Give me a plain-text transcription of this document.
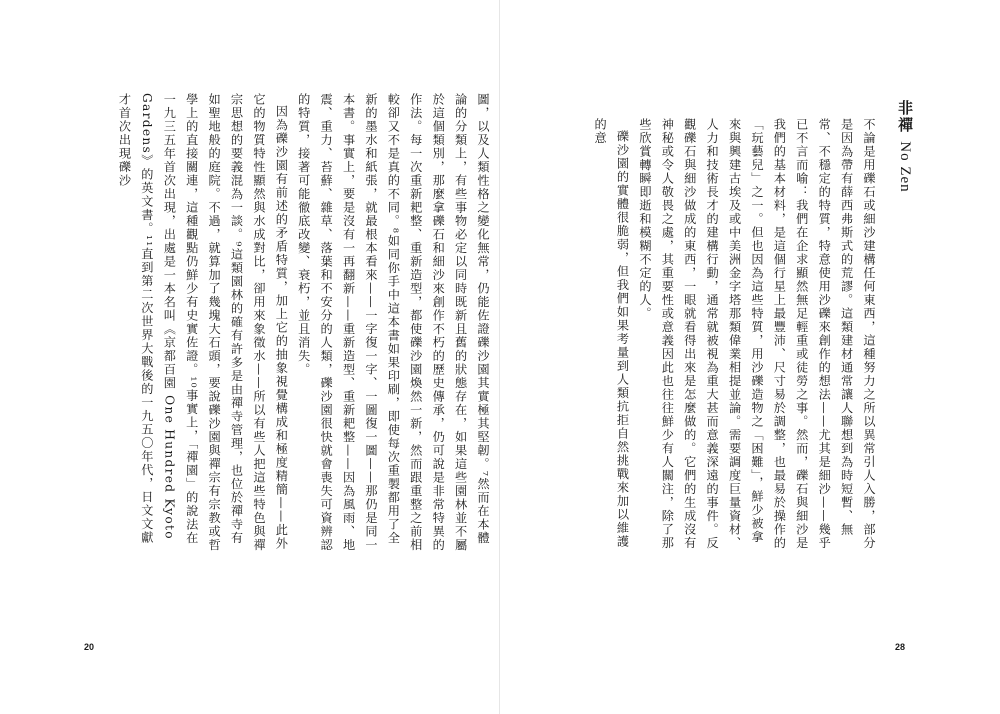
圖，以及人類性格之變化無常，仍能佐證礫沙園其實極其堅韌。⁷然而在本體論的分類上，有些事物必定以同時既新且舊的狀態存在，如果這些園林並不屬於這個類別，那麼拿礫石和細沙來創作不朽的歷史傳承，仍可說是非常特異的作法。每一次重新耙整、重新造型，都使礫沙園煥然一新，然而跟重整之前相較卻又不是真的不同。⁸如同你手中這本書如果印刷，即使每次重製都用了全新的墨水和紙張，就最根本看來——一字復一字、一圖復一圖——那仍是同一本書。事實上，要是沒有一再翻新——重新造型、重新耙整——因為風雨、地震、重力、苔蘚、雜草、落葉和不安分的人類，礫沙園很快就會喪失可資辨認的特質，接著可能徹底改變、衰朽，並且消失。

因為礫沙園有前述的矛盾特質，加上它的抽象視覺構成和極度精簡——此外它的物質特性顯然與水成對比，卻用來象徵水——所以有些人把這些特色與禪宗思想的要義混為一談。⁹這類園林的確有許多是由禪寺管理，也位於禪寺有如聖地般的庭院。不過，就算加了幾塊大石頭，要說礫沙園與禪宗有宗教或哲學上的直接關連，這種觀點仍鮮少有史實佐證。¹⁰事實上，「禪園」的說法在一九三五年首次出現，出處是一本名叫《京都百園 One Hundred Kyoto Gardens》的英文書。¹¹直到第二次世界大戰後的一九五〇年代，日文文獻才首次出現礫沙

20
非禪 No Zen

不論是用礫石或細沙建構任何東西，這種努力之所以異常引人入勝，部分是因為帶有薛西弗斯式的荒謬。這類建材通常讓人聯想到為時短暫、無常、不穩定的特質，特意使用沙礫來創作的想法——尤其是細沙——幾乎已不言而喻：我們在企求顯然無足輕重或徒勞之事。然而，礫石與細沙是我們的基本材料，是這個行星上最豐沛、尺寸易於調整，也最易於操作的「玩藝兒」之一。但也因為這些特質，用沙礫造物之「困難」，鮮少被拿來與興建古埃及或中美洲金字塔那類偉業相提並論。需要調度巨量資材、人力和技術長才的建構行動，通常就被視為重大甚而意義深遠的事件。反觀礫石與細沙做成的東西，一眼就看得出來是怎麼做的。它們的生成沒有神秘或令人敬畏之處，其重要性或意義因此也往往鮮少有人關注，除了那些欣賞轉瞬即逝和模糊不定的人。

礫沙園的實體很脆弱，但我們如果考量到人類抗拒自然挑戰來加以維護的意

28
